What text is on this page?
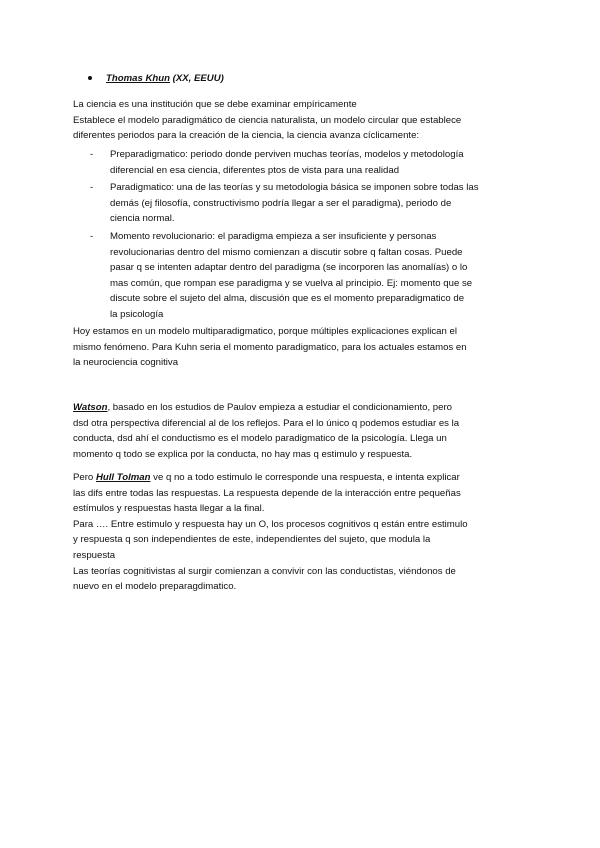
Thomas Khun (XX, EEUU)
La ciencia es una institución que se debe examinar empíricamente
Establece el modelo paradigmático de ciencia naturalista, un modelo circular que establece
diferentes periodos para la creación de la ciencia, la ciencia avanza cíclicamente:
- Preparadigmatico: periodo donde perviven muchas teorías, modelos y metodología
diferencial en esa ciencia, diferentes ptos de vista para una realidad
- Paradigmatico: una de las teorías y su metodologia básica se imponen sobre todas las
demás (ej filosofía, constructivismo podría llegar a ser el paradigma), periodo de
ciencia normal.
- Momento revolucionario: el paradigma empieza a ser insuficiente y personas
revolucionarias dentro del mismo comienzan a discutir sobre q faltan cosas. Puede
pasar q se intenten adaptar dentro del paradigma (se incorporen las anomalías) o lo
mas común, que rompan ese paradigma y se vuelva al principio. Ej: momento que se
discute sobre el sujeto del alma, discusión que es el momento preparadigmatico de
la psicología
Hoy estamos en un modelo multiparadigmatico, porque múltiples explicaciones explican el
mismo fenómeno. Para Kuhn seria el momento paradigmatico, para los actuales estamos en
la neurociencia cognitiva
Watson, basado en los estudios de Paulov empieza a estudiar el condicionamiento, pero
dsd otra perspectiva diferencial al de los reflejos. Para el lo único q podemos estudiar es la
conducta, dsd ahí el conductismo es el modelo paradigmatico de la psicología. Llega un
momento q todo se explica por la conducta, no hay mas q estimulo y respuesta.
Pero Hull Tolman ve q no a todo estimulo le corresponde una respuesta, e intenta explicar
las difs entre todas las respuestas. La respuesta depende de la interacción entre pequeñas
estímulos y respuestas hasta llegar a la final.
Para …. Entre estimulo y respuesta hay un O, los procesos cognitivos q están entre estimulo
y respuesta q son independientes de este, independientes del sujeto, que modula la
respuesta
Las teorías cognitivistas al surgir comienzan a convivir con las conductistas, viéndonos de
nuevo en el modelo preparagdimatico.
